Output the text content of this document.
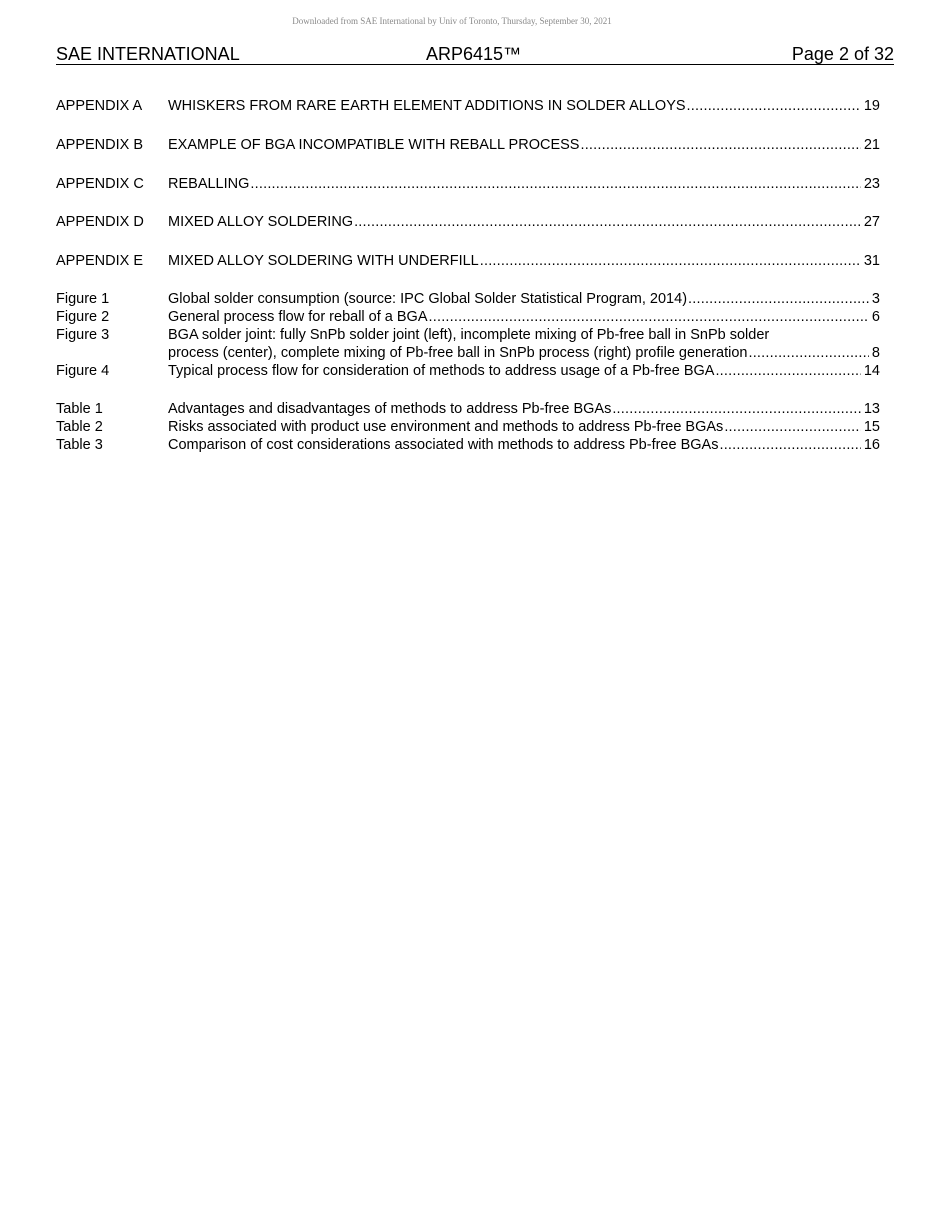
Downloaded from SAE International by Univ of Toronto, Thursday, September 30, 2021
SAE INTERNATIONAL	ARP6415™	Page 2 of 32
APPENDIX A	WHISKERS FROM RARE EARTH ELEMENT ADDITIONS IN SOLDER ALLOYS .....	19
APPENDIX B	EXAMPLE OF BGA INCOMPATIBLE WITH REBALL PROCESS .....	21
APPENDIX C	REBALLING .....	23
APPENDIX D	MIXED ALLOY SOLDERING .....	27
APPENDIX E	MIXED ALLOY SOLDERING WITH UNDERFILL .....	31
Figure 1	Global solder consumption (source: IPC Global Solder Statistical Program, 2014) .....	3
Figure 2	General process flow for reball of a BGA .....	6
Figure 3	BGA solder joint: fully SnPb solder joint (left), incomplete mixing of Pb-free ball in SnPb solder
process (center), complete mixing of Pb-free ball in SnPb process (right) profile generation .....	8
Figure 4	Typical process flow for consideration of methods to address usage of a Pb-free BGA .....	14
Table 1	Advantages and disadvantages of methods to address Pb-free BGAs .....	13
Table 2	Risks associated with product use environment and methods to address Pb-free BGAs .....	15
Table 3	Comparison of cost considerations associated with methods to address Pb-free BGAs .....	16
